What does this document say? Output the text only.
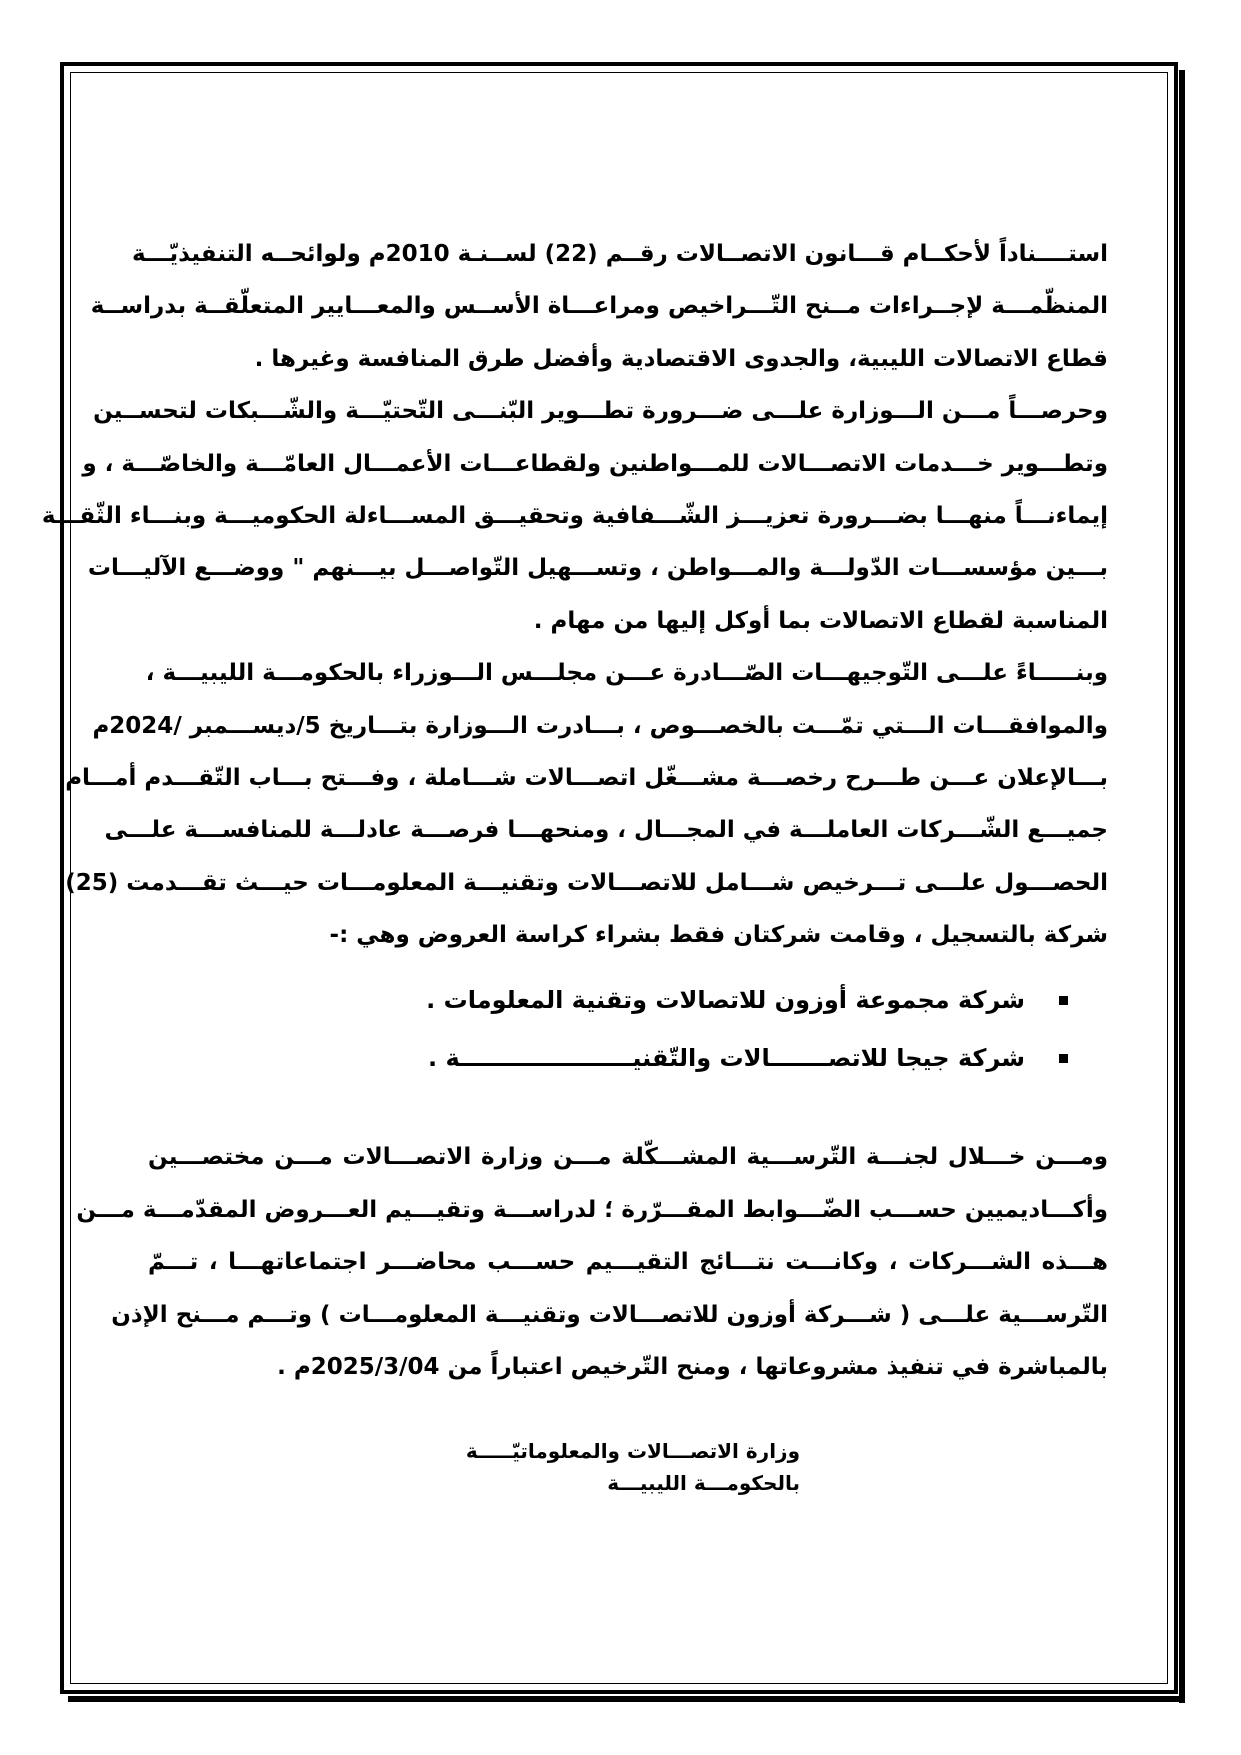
استــــناداً لأحكــام قـــانون الاتصــالات رقــم (22) لســنـة 2010م ولوائحــه التنفيذيّـــة
المنظّمـــة لإجــراءات مــنح التّـــراخيص ومراعـــاة الأســس والمعـــايير المتعلّقــة بدراســة
قطاع الاتصالات الليبية، والجدوى الاقتصادية وأفضل طرق المنافسة وغيرها .
وحرصـــاً مـــن الـــوزارة علـــى ضـــرورة تطـــوير البّنـــى التّحتيّـــة والشّـــبكات لتحســين
وتطـــوير خـــدمات الاتصـــالات للمـــواطنين ولقطاعـــات الأعمـــال العامّـــة والخاصّـــة ، و
إيماءنـــاً منهـــا بضـــرورة تعزيـــز الشّـــفافية وتحقيـــق المســـاءلة الحكوميـــة وبنـــاء الثّقـــة
بـــين مؤسســـات الدّولـــة والمـــواطن ، وتســـهيل التّواصـــل بيـــنهم " ووضـــع الآليـــات
المناسبة لقطاع الاتصالات بما أوكل إليها من مهام .
وبنـــــاءً علـــى التّوجيهـــات الصّـــادرة عـــن مجلـــس الـــوزراء بالحكومـــة الليبيـــة ،
والموافقـــات الـــتي تمّـــت بالخصـــوص ، بـــادرت الـــوزارة بتـــاريخ 5/ديســـمبر /2024م
بـــالإعلان عـــن طـــرح رخصـــة مشـــغّل اتصـــالات شـــاملة ، وفـــتح بـــاب التّقـــدم أمـــام
جميـــع الشّـــركات العاملـــة في المجـــال ، ومنحهـــا فرصـــة عادلـــة للمنافســـة علـــى
الحصـــول علـــى تـــرخيص شـــامل للاتصـــالات وتقنيـــة المعلومـــات حيـــث تقـــدمت (25)
شركة بالتسجيل ، وقامت شركتان فقط بشراء كراسة العروض وهي :-
شركة مجموعة أوزون للاتصالات وتقنية المعلومات .
شركة جيجا للاتصـــــــالات والتّقنيـــــــــــــــــــــة .
ومـــن خـــلال لجنـــة التّرســـية المشـــكّلة مـــن وزارة الاتصـــالات مـــن مختصـــين
وأكـــاديميين حســـب الضّـــوابط المقـــرّرة ؛ لدراســـة وتقيـــيم العـــروض المقدّمـــة مـــن
هـــذه الشـــركات ، وكانـــت نتـــائج التقيـــيم حســـب محاضـــر اجتماعاتهـــا ، تـــمّ
التّرســـية علـــى ( شـــركة أوزون للاتصـــالات وتقنيـــة المعلومـــات ) وتـــم مـــنح الإذن
بالمباشرة في تنفيذ مشروعاتها ، ومنح التّرخيص اعتباراً من 2025/3/04م .
وزارة الاتصـــالات والمعلوماتيّـــــة
بالحكومـــة الليبيـــة
